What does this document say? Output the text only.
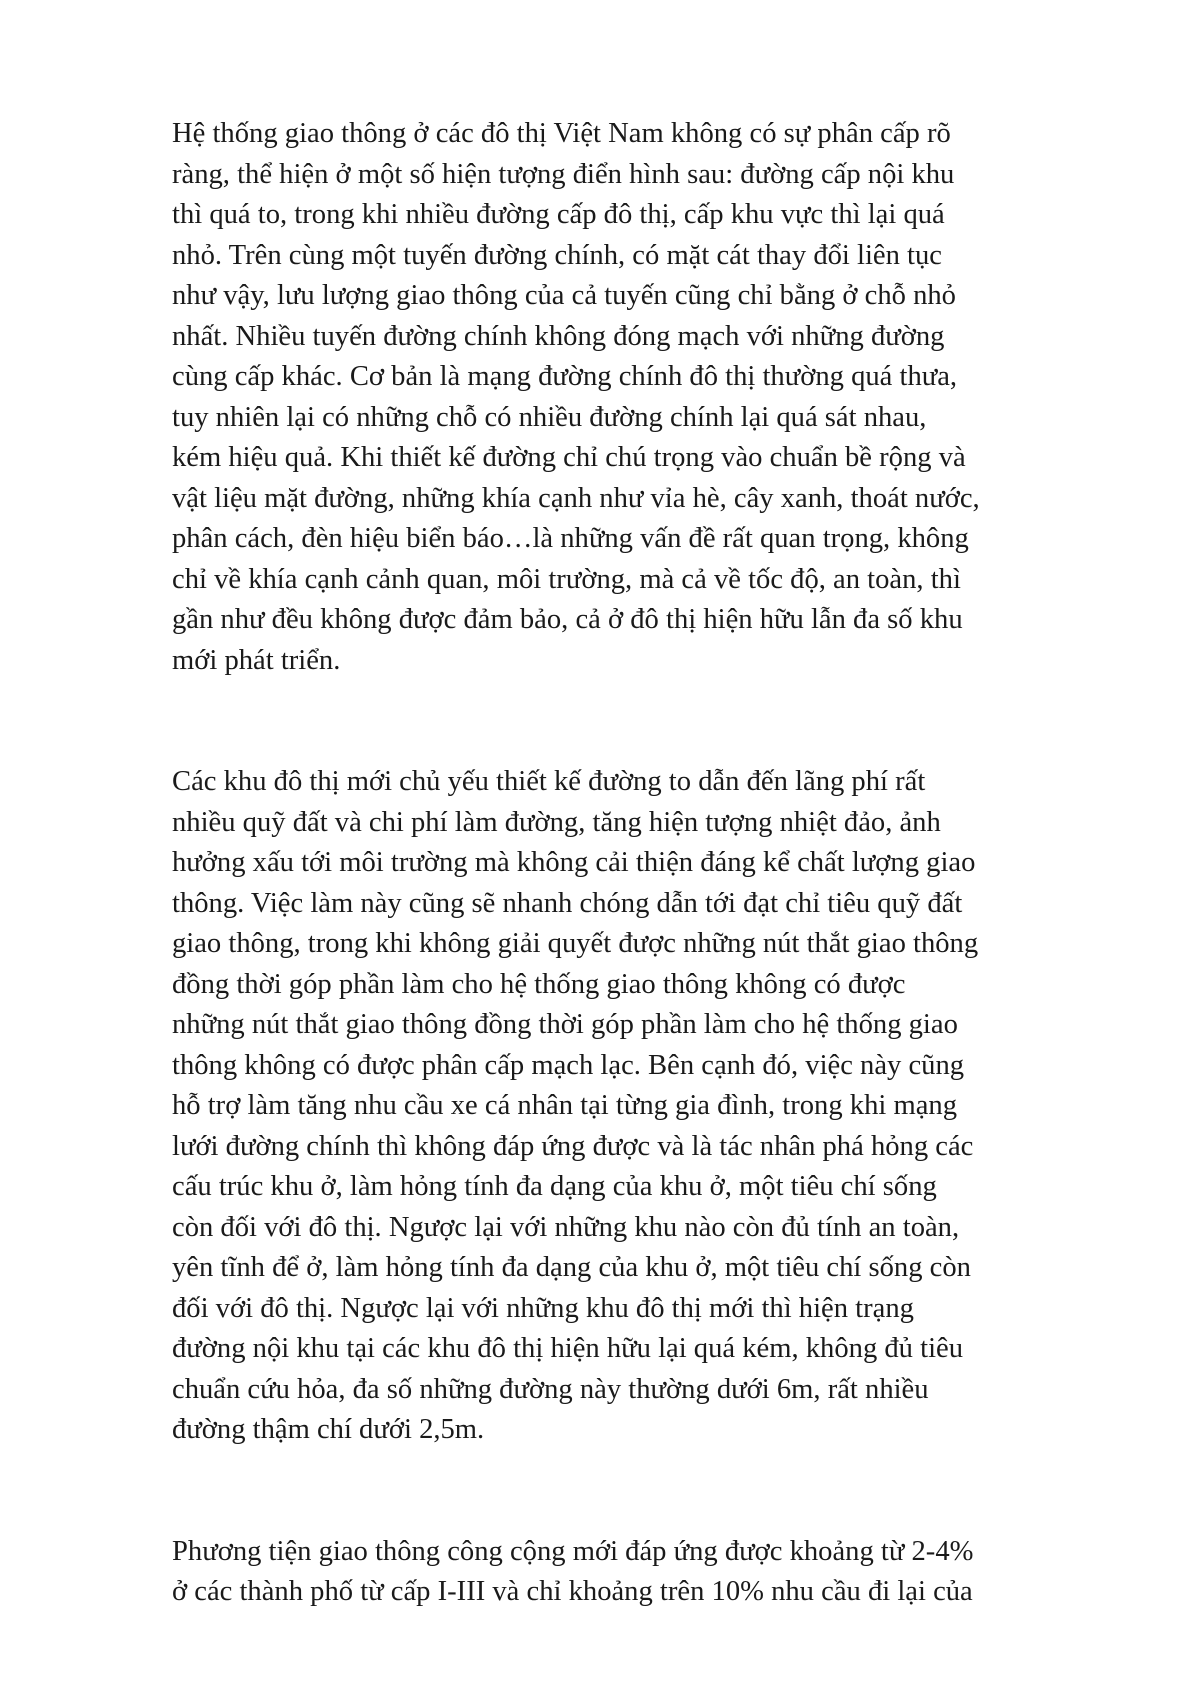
Hệ thống giao thông ở các đô thị Việt Nam không có sự phân cấp rõ
ràng, thể hiện ở một số hiện tượng điển hình sau: đường cấp nội khu
thì quá to, trong khi nhiều đường cấp đô thị, cấp khu vực thì lại quá
nhỏ. Trên cùng một tuyến đường chính, có mặt cát thay đổi liên tục
như vậy, lưu lượng giao thông của cả tuyến cũng chỉ bằng ở chỗ nhỏ
nhất. Nhiều tuyến đường chính không đóng mạch với những đường
cùng cấp khác. Cơ bản là mạng đường chính đô thị thường quá thưa,
tuy nhiên lại có những chỗ có nhiều đường chính lại quá sát nhau,
kém hiệu quả. Khi thiết kế đường chỉ chú trọng vào chuẩn bề rộng và
vật liệu mặt đường, những khía cạnh như vỉa hè, cây xanh, thoát nước,
phân cách, đèn hiệu biển báo…là những vấn đề rất quan trọng, không
chỉ về khía cạnh cảnh quan, môi trường, mà cả về tốc độ, an toàn, thì
gần như đều không được đảm bảo, cả ở đô thị hiện hữu lẫn đa số khu
mới phát triển.
Các khu đô thị mới chủ yếu thiết kế đường to dẫn đến lãng phí rất
nhiều quỹ đất và chi phí làm đường, tăng hiện tượng nhiệt đảo, ảnh
hưởng xấu tới môi trường mà không cải thiện đáng kể chất lượng giao
thông. Việc làm này cũng sẽ nhanh chóng dẫn tới đạt chỉ tiêu quỹ đất
giao thông, trong khi không giải quyết được những nút thắt giao thông
đồng thời góp phần làm cho hệ thống giao thông không có được
những nút thắt giao thông đồng thời góp phần làm cho hệ thống giao
thông không có được phân cấp mạch lạc. Bên cạnh đó, việc này cũng
hỗ trợ làm tăng nhu cầu xe cá nhân tại từng gia đình, trong khi mạng
lưới đường chính thì không đáp ứng được và là tác nhân phá hỏng các
cấu trúc khu ở, làm hỏng tính đa dạng của khu ở, một tiêu chí sống
còn đối với đô thị. Ngược lại với những khu nào còn đủ tính an toàn,
yên tĩnh để ở, làm hỏng tính đa dạng của khu ở, một tiêu chí sống còn
đối với đô thị. Ngược lại với những khu đô thị mới thì hiện trạng
đường nội khu tại các khu đô thị hiện hữu lại quá kém, không đủ tiêu
chuẩn cứu hỏa, đa số những đường này thường dưới 6m, rất nhiều
đường thậm chí dưới 2,5m.
Phương tiện giao thông công cộng mới đáp ứng được khoảng từ 2-4%
ở các thành phố từ cấp I-III và chỉ khoảng trên 10% nhu cầu đi lại của
